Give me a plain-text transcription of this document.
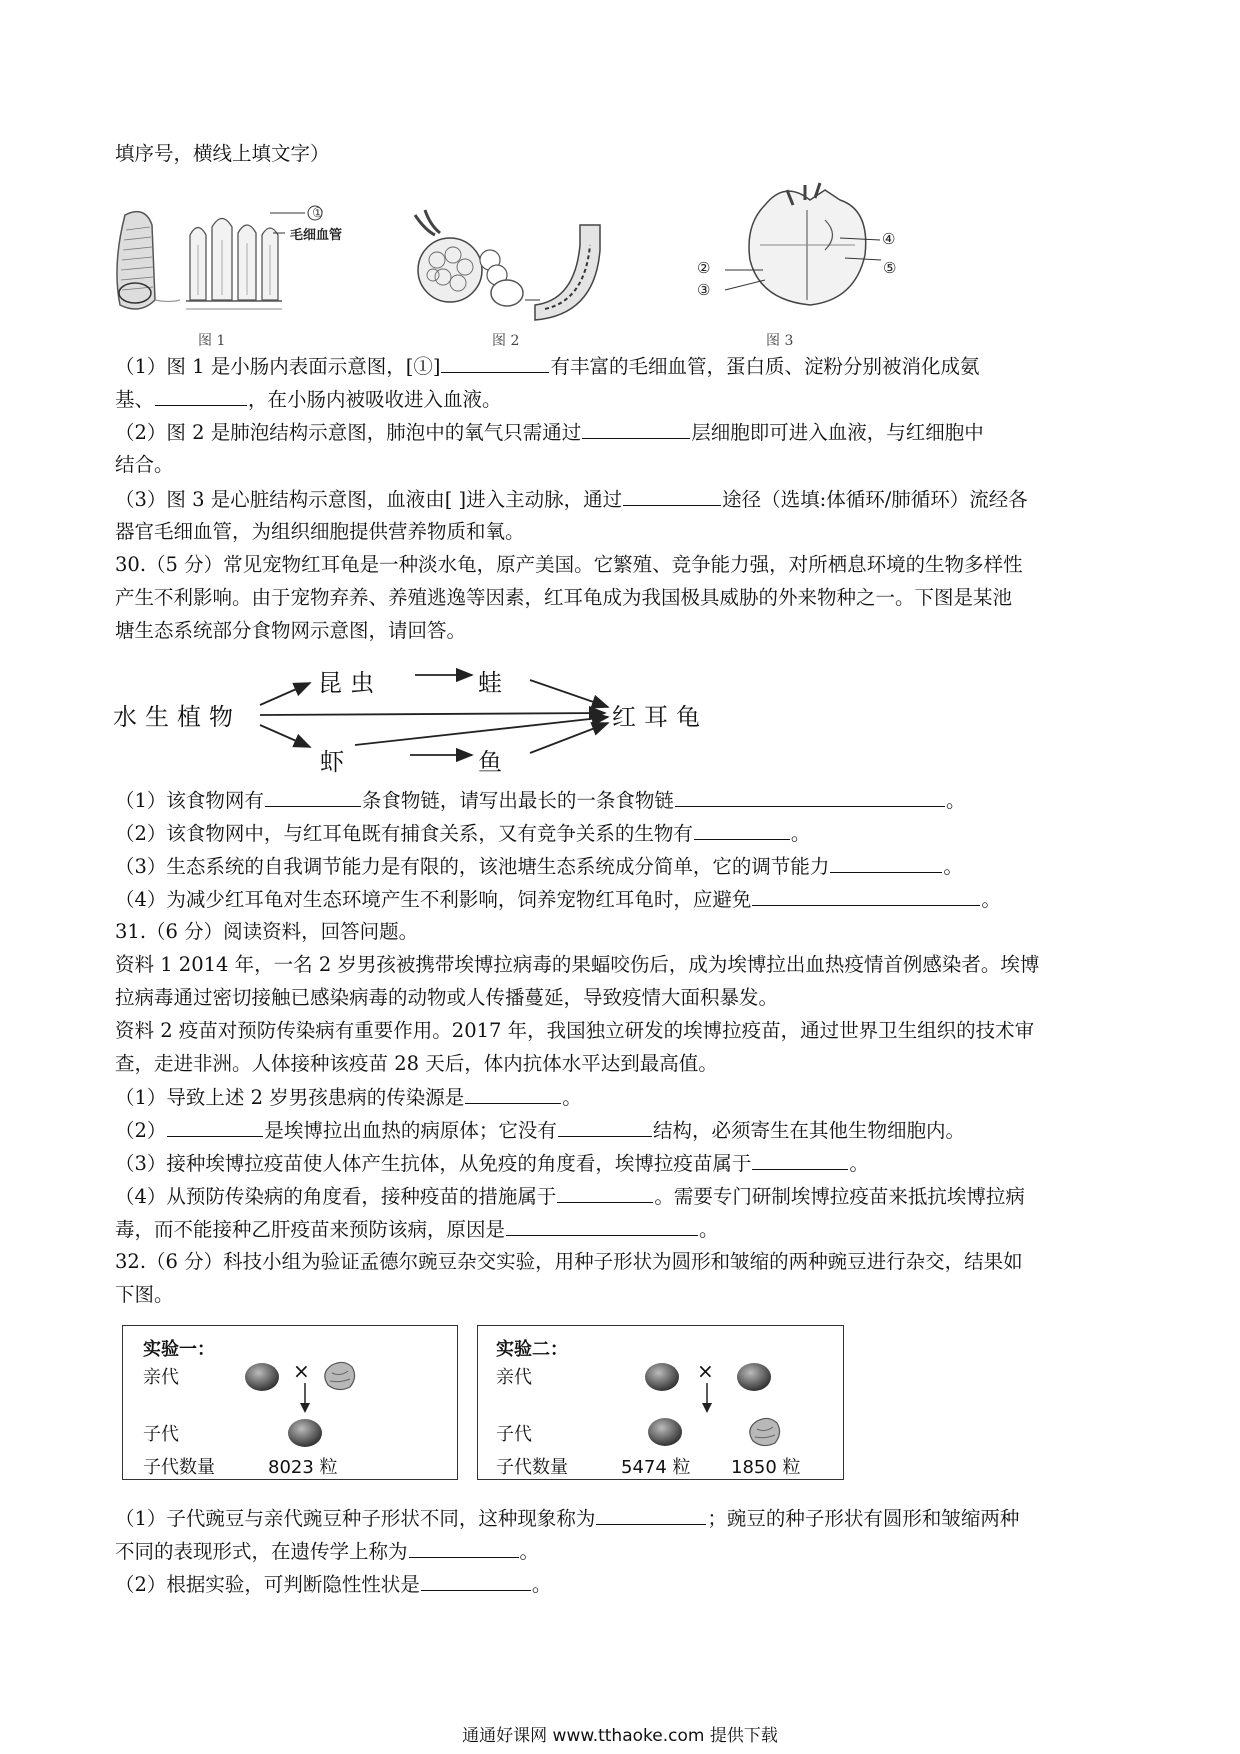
填序号，横线上填文字）
①
毛细血管
图 1	图 2
②
③
④
⑤
图 3
（1）图 1 是小肠内表面示意图，[①]	有丰富的毛细血管，蛋白质、淀粉分别被消化成氨
基、	，在小肠内被吸收进入血液。
（2）图 2 是肺泡结构示意图，肺泡中的氧气只需通过	层细胞即可进入血液，与红细胞中
结合。
（3）图 3 是心脏结构示意图，血液由[ ]进入主动脉，通过	途径（选填:体循环/肺循环）流经各
器官毛细血管，为组织细胞提供营养物质和氧。
30.（5 分）常见宠物红耳龟是一种淡水龟，原产美国。它繁殖、竞争能力强，对所栖息环境的生物多样性
产生不利影响。由于宠物弃养、养殖逃逸等因素，红耳龟成为我国极具威胁的外来物种之一。下图是某池
塘生态系统部分食物网示意图，请回答。
水生植物
昆虫	蛙
虾	鱼
红耳龟
（1）该食物网有	条食物链，请写出最长的一条食物链	。
（2）该食物网中，与红耳龟既有捕食关系，又有竞争关系的生物有	。
（3）生态系统的自我调节能力是有限的，该池塘生态系统成分简单，它的调节能力	。
（4）为减少红耳龟对生态环境产生不利影响，饲养宠物红耳龟时，应避免	。
31.（6 分）阅读资料，回答问题。
资料 1 2014 年，一名 2 岁男孩被携带埃博拉病毒的果蝠咬伤后，成为埃博拉出血热疫情首例感染者。埃博
拉病毒通过密切接触已感染病毒的动物或人传播蔓延，导致疫情大面积暴发。
资料 2 疫苗对预防传染病有重要作用。2017 年，我国独立研发的埃博拉疫苗，通过世界卫生组织的技术审
查，走进非洲。人体接种该疫苗 28 天后，体内抗体水平达到最高值。
（1）导致上述 2 岁男孩患病的传染源是	。
（2）	是埃博拉出血热的病原体；它没有	结构，必须寄生在其他生物细胞内。
（3）接种埃博拉疫苗使人体产生抗体，从免疫的角度看，埃博拉疫苗属于	。
（4）从预防传染病的角度看，接种疫苗的措施属于	。需要专门研制埃博拉疫苗来抵抗埃博拉病
毒，而不能接种乙肝疫苗来预防该病，原因是	。
32.（6 分）科技小组为验证孟德尔豌豆杂交实验，用种子形状为圆形和皱缩的两种豌豆进行杂交，结果如
下图。
实验一：
亲代
子代
子代数量	8023 粒
×
实验二：
亲代
子代
子代数量	5474 粒 1850 粒
×
（1）子代豌豆与亲代豌豆种子形状不同，这种现象称为	；豌豆的种子形状有圆形和皱缩两种
不同的表现形式，在遗传学上称为	。
（2）根据实验，可判断隐性性状是	。
通通好课网 www.tthaoke.com 提供下载
